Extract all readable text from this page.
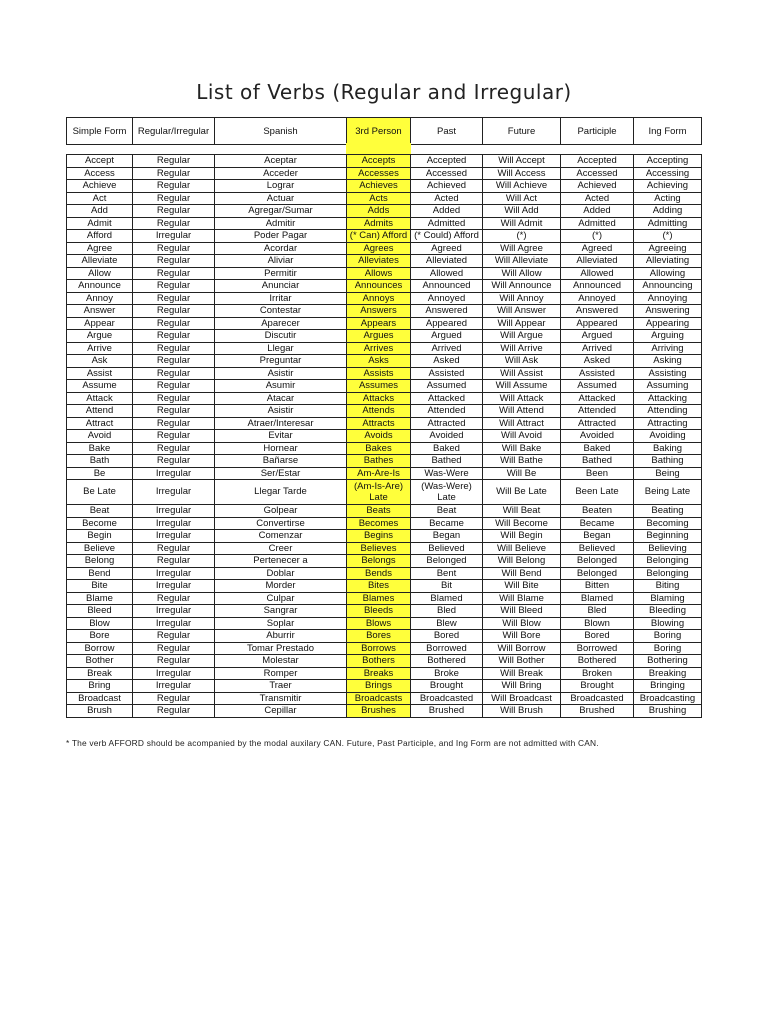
List of Verbs (Regular and Irregular)
Simple Form	Regular/Irregular	Spanish	3rd Person	Past	Future	Participle	Ing Form
Accept	Regular	Aceptar	Accepts	Accepted	Will Accept	Accepted	Accepting
Access	Regular	Acceder	Accesses	Accessed	Will Access	Accessed	Accessing
Achieve	Regular	Lograr	Achieves	Achieved	Will Achieve	Achieved	Achieving
Act	Regular	Actuar	Acts	Acted	Will Act	Acted	Acting
Add	Regular	Agregar/Sumar	Adds	Added	Will Add	Added	Adding
Admit	Regular	Admitir	Admits	Admitted	Will Admit	Admitted	Admitting
Afford	Irregular	Poder Pagar	(* Can) Afford	(* Could) Afford	(*)	(*)	(*)
Agree	Regular	Acordar	Agrees	Agreed	Will Agree	Agreed	Agreeing
Alleviate	Regular	Aliviar	Alleviates	Alleviated	Will Alleviate	Alleviated	Alleviating
Allow	Regular	Permitir	Allows	Allowed	Will Allow	Allowed	Allowing
Announce	Regular	Anunciar	Announces	Announced	Will Announce	Announced	Announcing
Annoy	Regular	Irritar	Annoys	Annoyed	Will Annoy	Annoyed	Annoying
Answer	Regular	Contestar	Answers	Answered	Will Answer	Answered	Answering
Appear	Regular	Aparecer	Appears	Appeared	Will Appear	Appeared	Appearing
Argue	Regular	Discutir	Argues	Argued	Will Argue	Argued	Arguing
Arrive	Regular	Llegar	Arrives	Arrived	Will Arrive	Arrived	Arriving
Ask	Regular	Preguntar	Asks	Asked	Will Ask	Asked	Asking
Assist	Regular	Asistir	Assists	Assisted	Will Assist	Assisted	Assisting
Assume	Regular	Asumir	Assumes	Assumed	Will Assume	Assumed	Assuming
Attack	Regular	Atacar	Attacks	Attacked	Will Attack	Attacked	Attacking
Attend	Regular	Asistir	Attends	Attended	Will Attend	Attended	Attending
Attract	Regular	Atraer/Interesar	Attracts	Attracted	Will Attract	Attracted	Attracting
Avoid	Regular	Evitar	Avoids	Avoided	Will Avoid	Avoided	Avoiding
Bake	Regular	Hornear	Bakes	Baked	Will Bake	Baked	Baking
Bath	Regular	Bañarse	Bathes	Bathed	Will Bathe	Bathed	Bathing
Be	Irregular	Ser/Estar	Am-Are-Is	Was-Were	Will Be	Been	Being
Be Late	Irregular	Llegar Tarde	(Am-Is-Are) Late	(Was-Were) Late	Will Be Late	Been Late	Being Late
Beat	Irregular	Golpear	Beats	Beat	Will Beat	Beaten	Beating
Become	Irregular	Convertirse	Becomes	Became	Will Become	Became	Becoming
Begin	Irregular	Comenzar	Begins	Began	Will Begin	Began	Beginning
Believe	Regular	Creer	Believes	Believed	Will Believe	Believed	Believing
Belong	Regular	Pertenecer a	Belongs	Belonged	Will Belong	Belonged	Belonging
Bend	Irregular	Doblar	Bends	Bent	Will Bend	Belonged	Belonging
Bite	Irregular	Morder	Bites	Bit	Will Bite	Bitten	Biting
Blame	Regular	Culpar	Blames	Blamed	Will Blame	Blamed	Blaming
Bleed	Irregular	Sangrar	Bleeds	Bled	Will Bleed	Bled	Bleeding
Blow	Irregular	Soplar	Blows	Blew	Will Blow	Blown	Blowing
Bore	Regular	Aburrir	Bores	Bored	Will Bore	Bored	Boring
Borrow	Regular	Tomar Prestado	Borrows	Borrowed	Will Borrow	Borrowed	Boring
Bother	Regular	Molestar	Bothers	Bothered	Will Bother	Bothered	Bothering
Break	Irregular	Romper	Breaks	Broke	Will Break	Broken	Breaking
Bring	Irregular	Traer	Brings	Brought	Will Bring	Brought	Bringing
Broadcast	Regular	Transmitir	Broadcasts	Broadcasted	Will Broadcast	Broadcasted	Broadcasting
Brush	Regular	Cepillar	Brushes	Brushed	Will Brush	Brushed	Brushing
* The verb AFFORD should be acompanied by the modal auxilary CAN. Future, Past Participle, and Ing Form are not admitted with CAN.
